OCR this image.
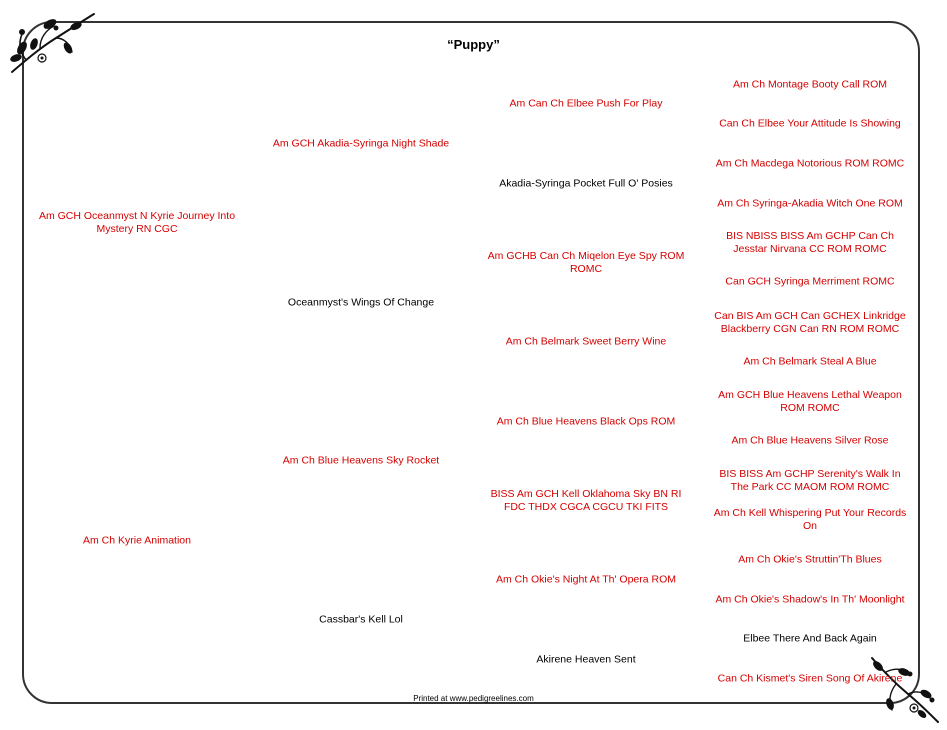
“Puppy”
Am GCH Oceanmyst N Kyrie Journey Into
Mystery RN CGC
Am Ch Kyrie Animation
Am GCH Akadia-Syringa Night Shade
Oceanmyst's Wings Of Change
Am Ch Blue Heavens Sky Rocket
Cassbar's Kell Lol
Am Can Ch Elbee Push For Play
Akadia-Syringa Pocket Full O' Posies
Am GCHB Can Ch Miqelon Eye Spy ROM
ROMC
Am Ch Belmark Sweet Berry Wine
Am Ch Blue Heavens Black Ops ROM
BISS Am GCH Kell Oklahoma Sky BN RI
FDC THDX CGCA CGCU TKI FITS
Am Ch Okie's Night At Th' Opera ROM
Akirene Heaven Sent
Am Ch Montage Booty Call ROM
Can Ch Elbee Your Attitude Is Showing
Am Ch Macdega Notorious ROM ROMC
Am Ch Syringa-Akadia Witch One ROM
BIS NBISS BISS Am GCHP Can Ch
Jesstar Nirvana CC ROM ROMC
Can GCH Syringa Merriment ROMC
Can BIS Am GCH Can GCHEX Linkridge
Blackberry CGN Can RN ROM ROMC
Am Ch Belmark Steal A Blue
Am GCH Blue Heavens Lethal Weapon
ROM ROMC
Am Ch Blue Heavens Silver Rose
BIS BISS Am GCHP Serenity's Walk In
The Park CC MAOM ROM ROMC
Am Ch Kell Whispering Put Your Records
On
Am Ch Okie's Struttin'Th Blues
Am Ch Okie's Shadow's In Th' Moonlight
Elbee There And Back Again
Can Ch Kismet's Siren Song Of Akirene
Printed at www.pedigreelines.com
